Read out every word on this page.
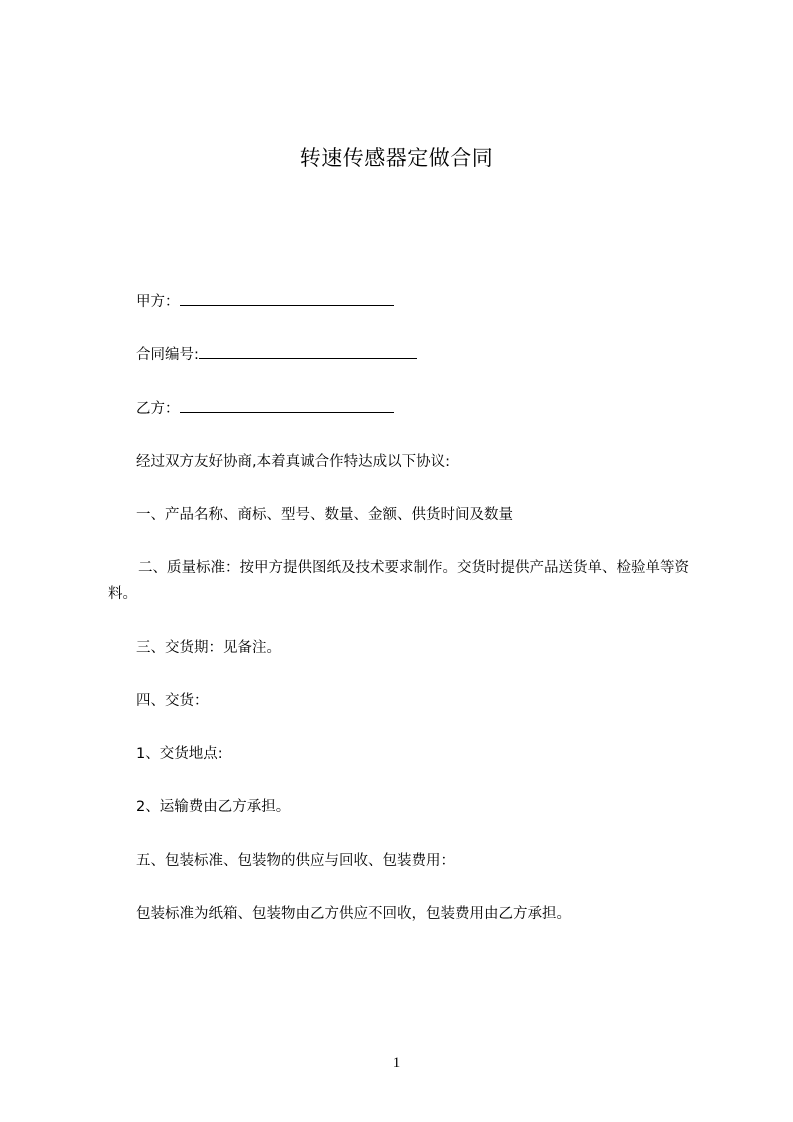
转速传感器定做合同
甲方：
合同编号:
乙方：
经过双方友好协商,本着真诚合作特达成以下协议:
一、产品名称、商标、型号、数量、金额、供货时间及数量
二、质量标准：按甲方提供图纸及技术要求制作。交货时提供产品送货单、检验单等资料。
三、交货期：见备注。
四、交货：
1、交货地点:
2、运输费由乙方承担。
五、包装标准、包装物的供应与回收、包装费用：
包装标准为纸箱、包装物由乙方供应不回收，包装费用由乙方承担。
1
